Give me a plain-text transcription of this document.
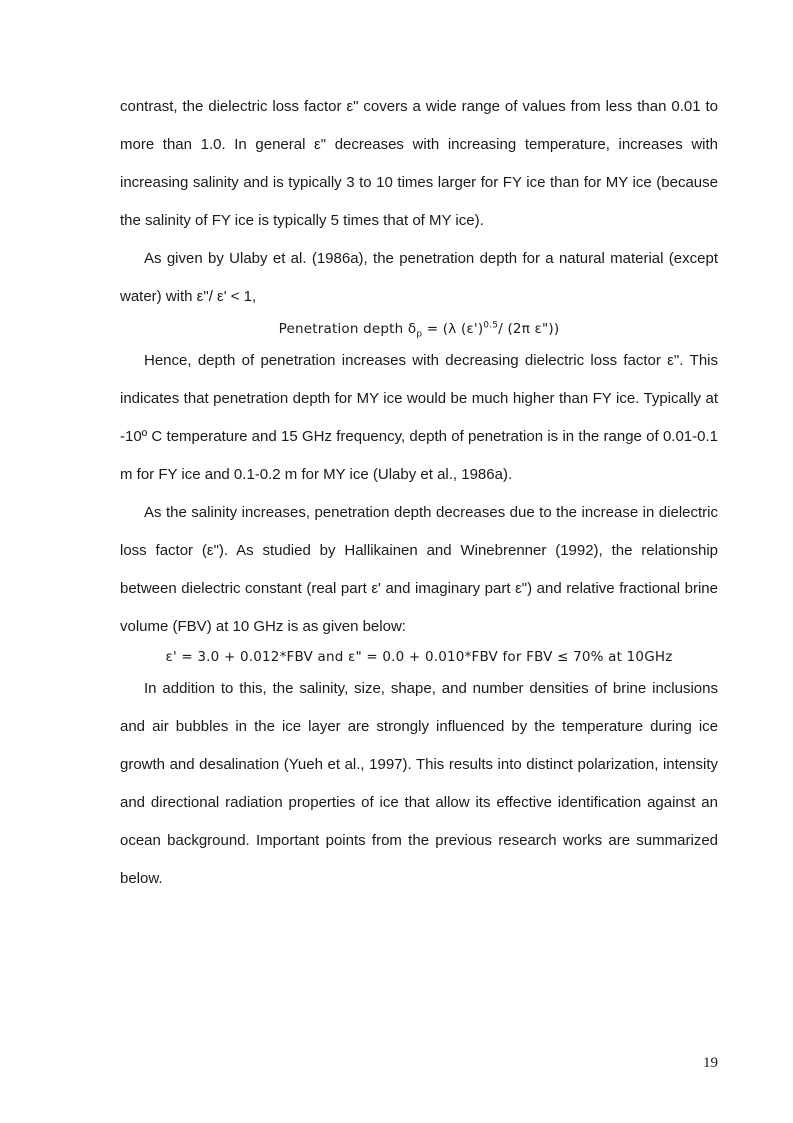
contrast, the dielectric loss factor ε" covers a wide range of values from less than 0.01 to more than 1.0. In general ε" decreases with increasing temperature, increases with increasing salinity and is typically 3 to 10 times larger for FY ice than for MY ice (because the salinity of FY ice is typically 5 times that of MY ice).

As given by Ulaby et al. (1986a), the penetration depth for a natural material (except water) with ε"/ ε' < 1,

Penetration depth $\delta_p = (\lambda$ $(\varepsilon')^{0.5}/$ (2π ε"))

Hence, depth of penetration increases with decreasing dielectric loss factor ε". This indicates that penetration depth for MY ice would be much higher than FY ice. Typically at -10º C temperature and 15 GHz frequency, depth of penetration is in the range of 0.01-0.1 m for FY ice and 0.1-0.2 m for MY ice (Ulaby et al., 1986a).

As the salinity increases, penetration depth decreases due to the increase in dielectric loss factor (ε"). As studied by Hallikainen and Winebrenner (1992), the relationship between dielectric constant (real part ε' and imaginary part ε") and relative fractional brine volume (FBV) at 10 GHz is as given below:

ε' = 3.0 + 0.012*FBV and ε" = 0.0 + 0.010*FBV for FBV ≤ 70% at 10GHz

In addition to this, the salinity, size, shape, and number densities of brine inclusions and air bubbles in the ice layer are strongly influenced by the temperature during ice growth and desalination (Yueh et al., 1997). This results into distinct polarization, intensity and directional radiation properties of ice that allow its effective identification against an ocean background. Important points from the previous research works are summarized below.

19
